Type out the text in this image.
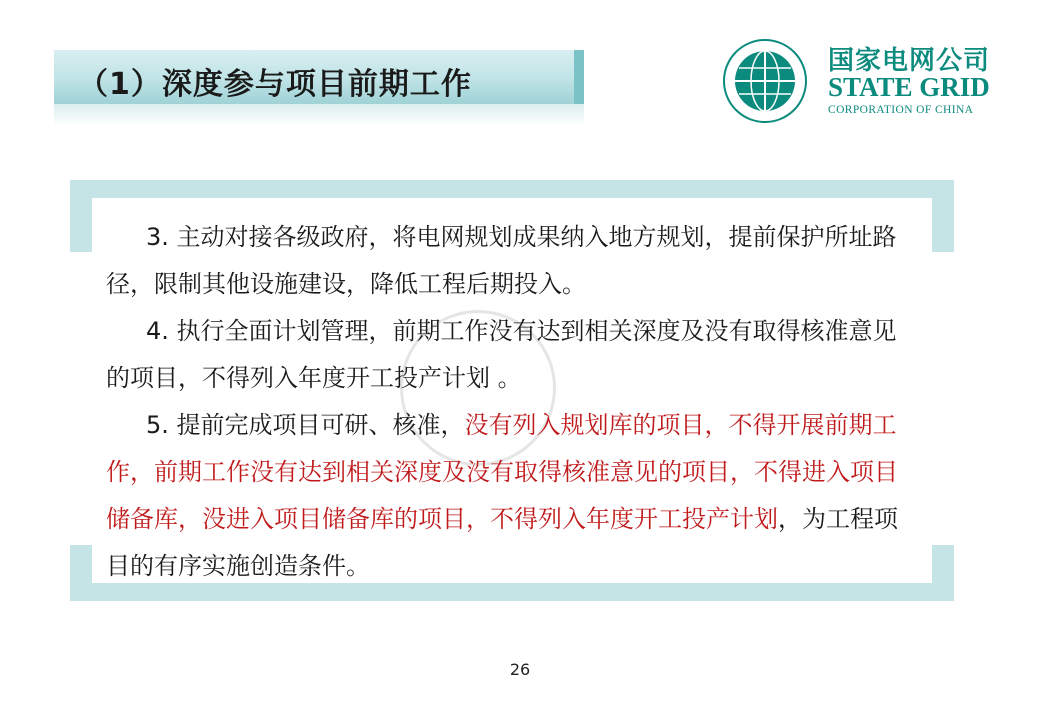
（1）深度参与项目前期工作
国家电网公司
STATE GRID
CORPORATION OF CHINA

3. 主动对接各级政府，将电网规划成果纳入地方规划，提前保护所址路径，限制其他设施建设，降低工程后期投入。

4. 执行全面计划管理，前期工作没有达到相关深度及没有取得核准意见的项目，不得列入年度开工投产计划 。

5. 提前完成项目可研、核准，没有列入规划库的项目，不得开展前期工作，前期工作没有达到相关深度及没有取得核准意见的项目，不得进入项目储备库，没进入项目储备库的项目，不得列入年度开工投产计划，为工程项目的有序实施创造条件。

26
